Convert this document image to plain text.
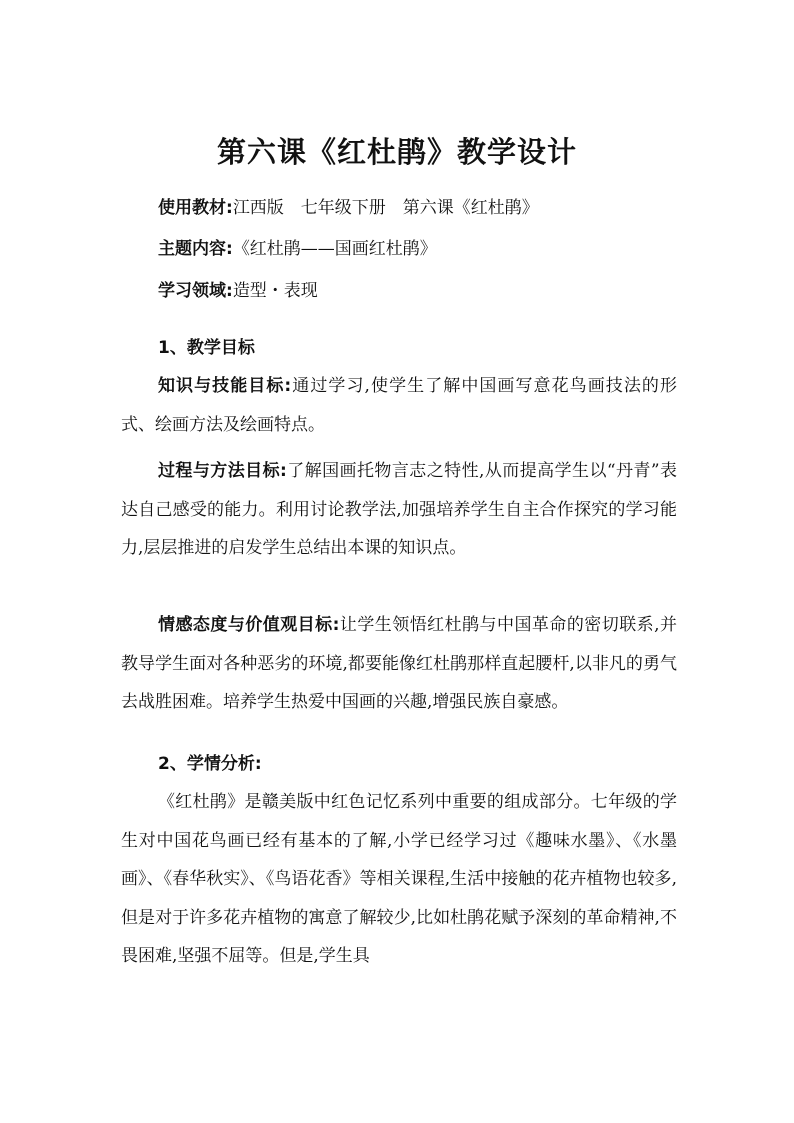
第六课《红杜鹃》教学设计
使用教材:江西版　七年级下册　第六课《红杜鹃》
主题内容:《红杜鹃——国画红杜鹃》
学习领域:造型・表现
1、教学目标

知识与技能目标:通过学习,使学生了解中国画写意花鸟画技法的形式、绘画方法及绘画特点。

过程与方法目标:了解国画托物言志之特性,从而提高学生以“丹青”表达自己感受的能力。利用讨论教学法,加强培养学生自主合作探究的学习能力,层层推进的启发学生总结出本课的知识点。

情感态度与价值观目标:让学生领悟红杜鹃与中国革命的密切联系,并教导学生面对各种恶劣的环境,都要能像红杜鹃那样直起腰杆,以非凡的勇气去战胜困难。培养学生热爱中国画的兴趣,增强民族自豪感。

2、学情分析:

《红杜鹃》是赣美版中红色记忆系列中重要的组成部分。七年级的学生对中国花鸟画已经有基本的了解,小学已经学习过《趣味水墨》、《水墨画》、《春华秋实》、《鸟语花香》等相关课程,生活中接触的花卉植物也较多,但是对于许多花卉植物的寓意了解较少,比如杜鹃花赋予深刻的革命精神,不畏困难,坚强不屈等。但是,学生具
